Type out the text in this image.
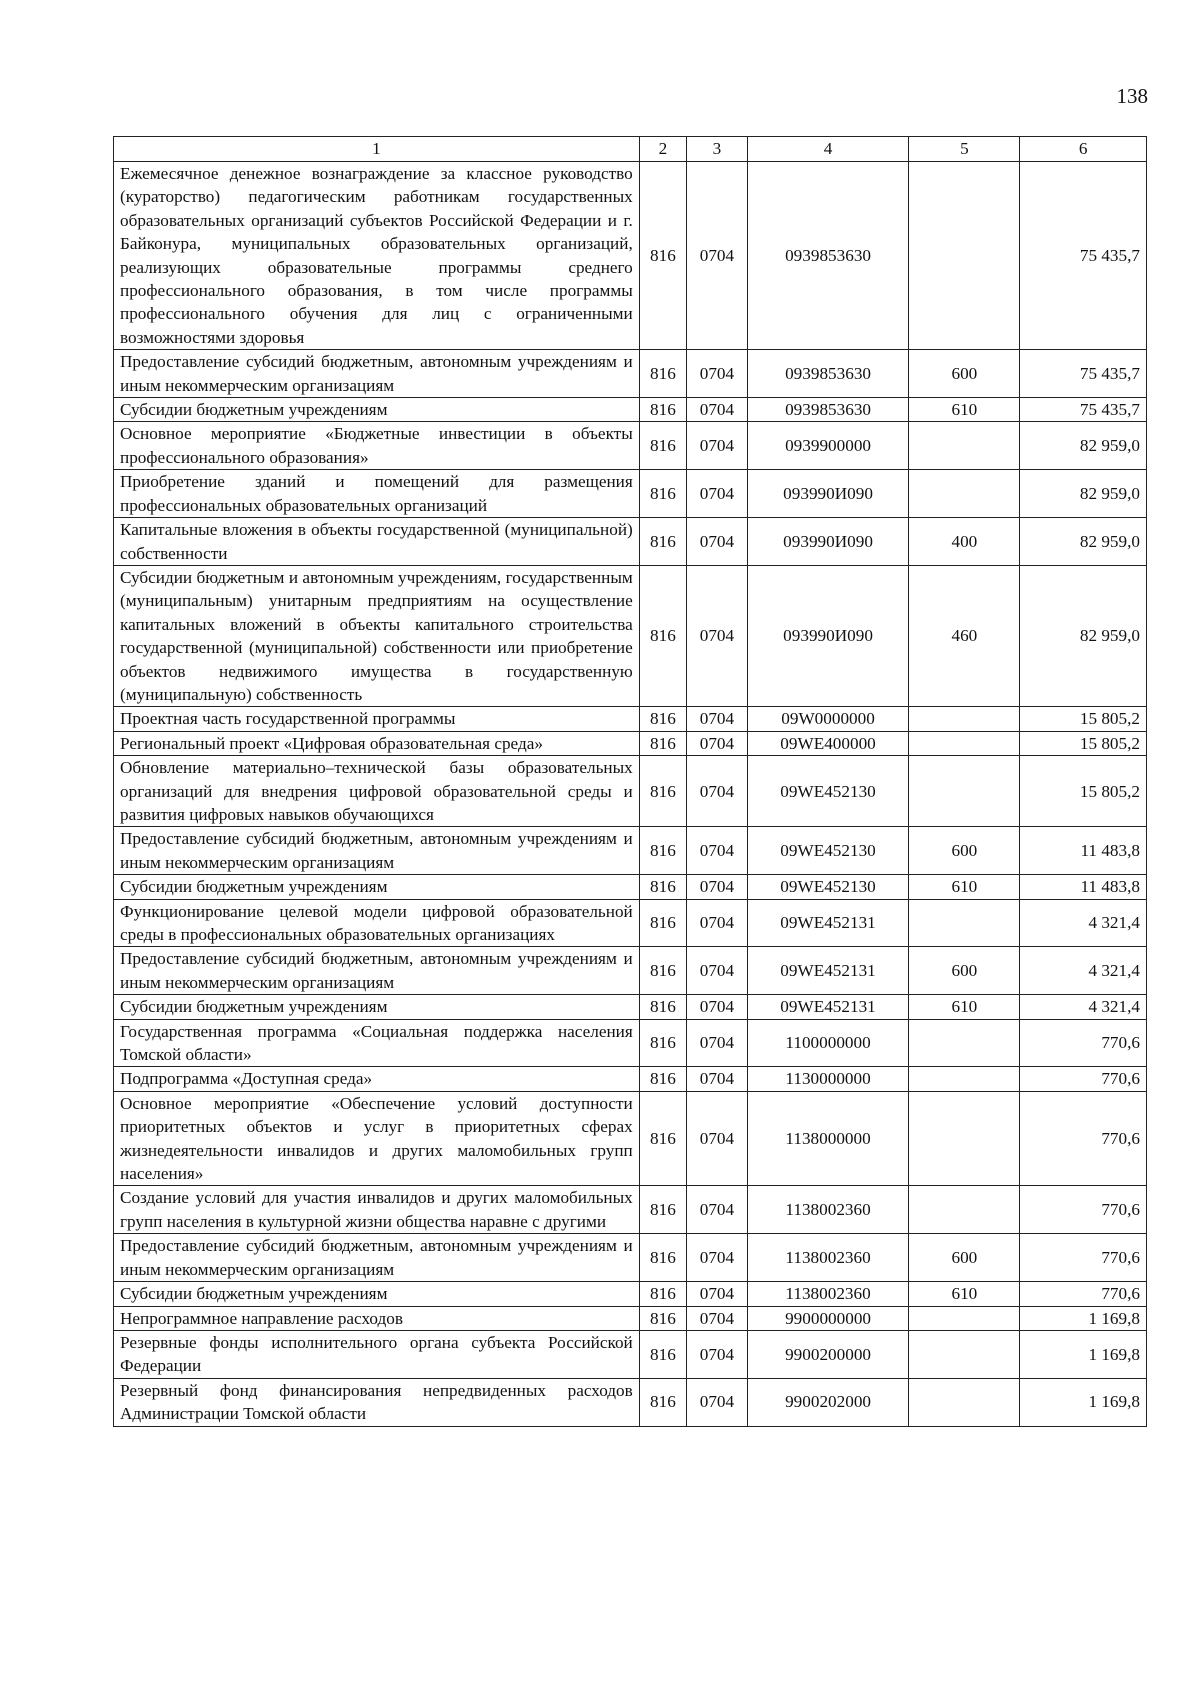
138
1	2	3	4	5	6
Ежемесячное денежное вознаграждение за классное руководство (кураторство) педагогическим работникам государственных образовательных организаций субъектов Российской Федерации и г. Байконура, муниципальных образовательных организаций, реализующих образовательные программы среднего профессионального образования, в том числе программы профессионального обучения для лиц с ограниченными возможностями здоровья	816	0704	0939853630		75 435,7
Предоставление субсидий бюджетным, автономным учреждениям и иным некоммерческим организациям	816	0704	0939853630	600	75 435,7
Субсидии бюджетным учреждениям	816	0704	0939853630	610	75 435,7
Основное мероприятие «Бюджетные инвестиции в объекты профессионального образования»	816	0704	0939900000		82 959,0
Приобретение зданий и помещений для размещения профессиональных образовательных организаций	816	0704	093990И090		82 959,0
Капитальные вложения в объекты государственной (муниципальной) собственности	816	0704	093990И090	400	82 959,0
Субсидии бюджетным и автономным учреждениям, государственным (муниципальным) унитарным предприятиям на осуществление капитальных вложений в объекты капитального строительства государственной (муниципальной) собственности или приобретение объектов недвижимого имущества в государственную (муниципальную) собственность	816	0704	093990И090	460	82 959,0
Проектная часть государственной программы	816	0704	09W0000000		15 805,2
Региональный проект «Цифровая образовательная среда»	816	0704	09WE400000		15 805,2
Обновление материально–технической базы образовательных организаций для внедрения цифровой образовательной среды и развития цифровых навыков обучающихся	816	0704	09WE452130		15 805,2
Предоставление субсидий бюджетным, автономным учреждениям и иным некоммерческим организациям	816	0704	09WE452130	600	11 483,8
Субсидии бюджетным учреждениям	816	0704	09WE452130	610	11 483,8
Функционирование целевой модели цифровой образовательной среды в профессиональных образовательных организациях	816	0704	09WE452131		4 321,4
Предоставление субсидий бюджетным, автономным учреждениям и иным некоммерческим организациям	816	0704	09WE452131	600	4 321,4
Субсидии бюджетным учреждениям	816	0704	09WE452131	610	4 321,4
Государственная программа «Социальная поддержка населения Томской области»	816	0704	1100000000		770,6
Подпрограмма «Доступная среда»	816	0704	1130000000		770,6
Основное мероприятие «Обеспечение условий доступности приоритетных объектов и услуг в приоритетных сферах жизнедеятельности инвалидов и других маломобильных групп населения»	816	0704	1138000000		770,6
Создание условий для участия инвалидов и других маломобильных групп населения в культурной жизни общества наравне с другими	816	0704	1138002360		770,6
Предоставление субсидий бюджетным, автономным учреждениям и иным некоммерческим организациям	816	0704	1138002360	600	770,6
Субсидии бюджетным учреждениям	816	0704	1138002360	610	770,6
Непрограммное направление расходов	816	0704	9900000000		1 169,8
Резервные фонды исполнительного органа субъекта Российской Федерации	816	0704	9900200000		1 169,8
Резервный фонд финансирования непредвиденных расходов Администрации Томской области	816	0704	9900202000		1 169,8
